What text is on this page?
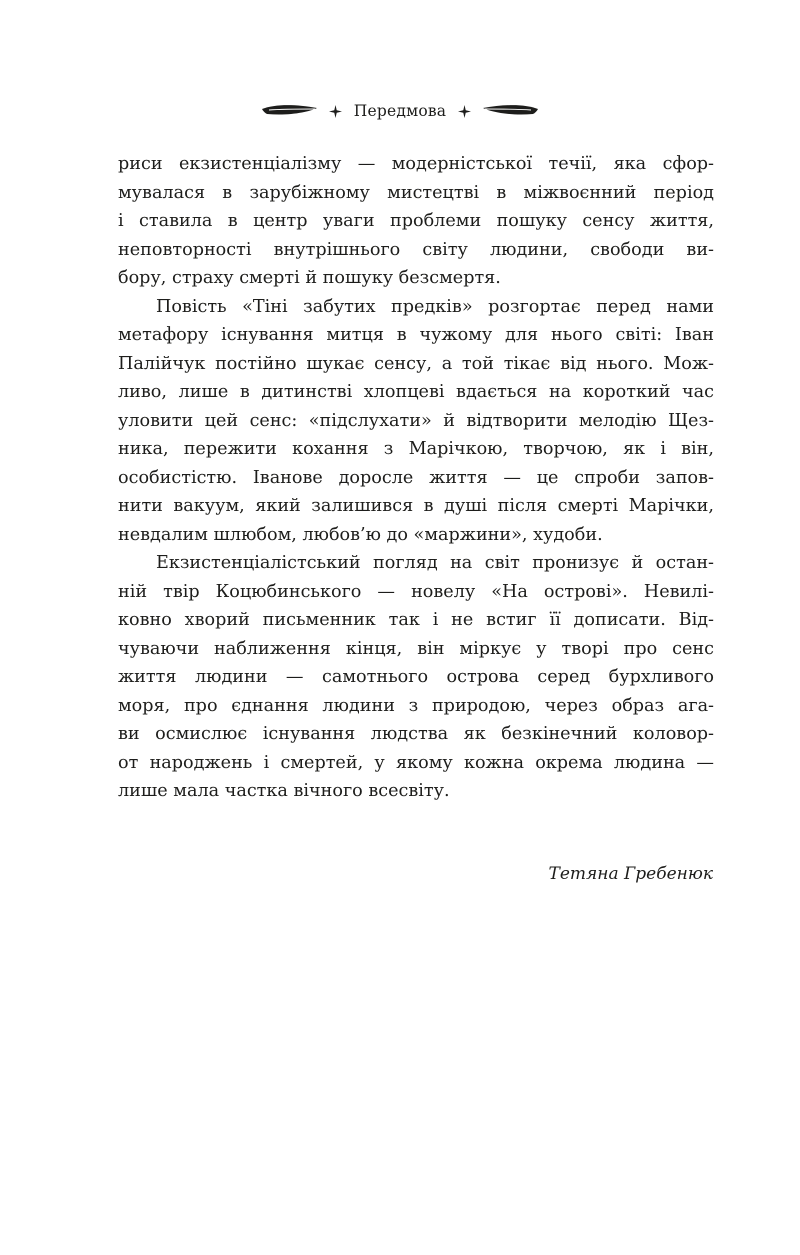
Передмова

риси екзистенціалізму — модерністської течії, яка сфор-
мувалася в зарубіжному мистецтві в міжвоєнний період
і ставила в центр уваги проблеми пошуку сенсу життя,
неповторності внутрішнього світу людини, свободи ви-
бору, страху смерті й пошуку безсмертя.

Повість «Тіні забутих предків» розгортає перед нами
метафору існування митця в чужому для нього світі: Іван
Палійчук постійно шукає сенсу, а той тікає від нього. Мож-
ливо, лише в дитинстві хлопцеві вдається на короткий час
уловити цей сенс: «підслухати» й відтворити мелодію Щез-
ника, пережити кохання з Марічкою, творчою, як і він,
особистістю. Іванове доросле життя — це спроби запов-
нити вакуум, який залишився в душі після смерті Марічки,
невдалим шлюбом, любов’ю до «маржини», худоби.

Екзистенціалістський погляд на світ пронизує й остан-
ній твір Коцюбинського — новелу «На острові». Невилі-
ковно хворий письменник так і не встиг її дописати. Від-
чуваючи наближення кінця, він міркує у творі про сенс
життя людини — самотнього острова серед бурхливого
моря, про єднання людини з природою, через образ ага-
ви осмислює існування людства як безкінечний коловор-
от народжень і смертей, у якому кожна окрема людина —
лише мала частка вічного всесвіту.

Тетяна Гребенюк
